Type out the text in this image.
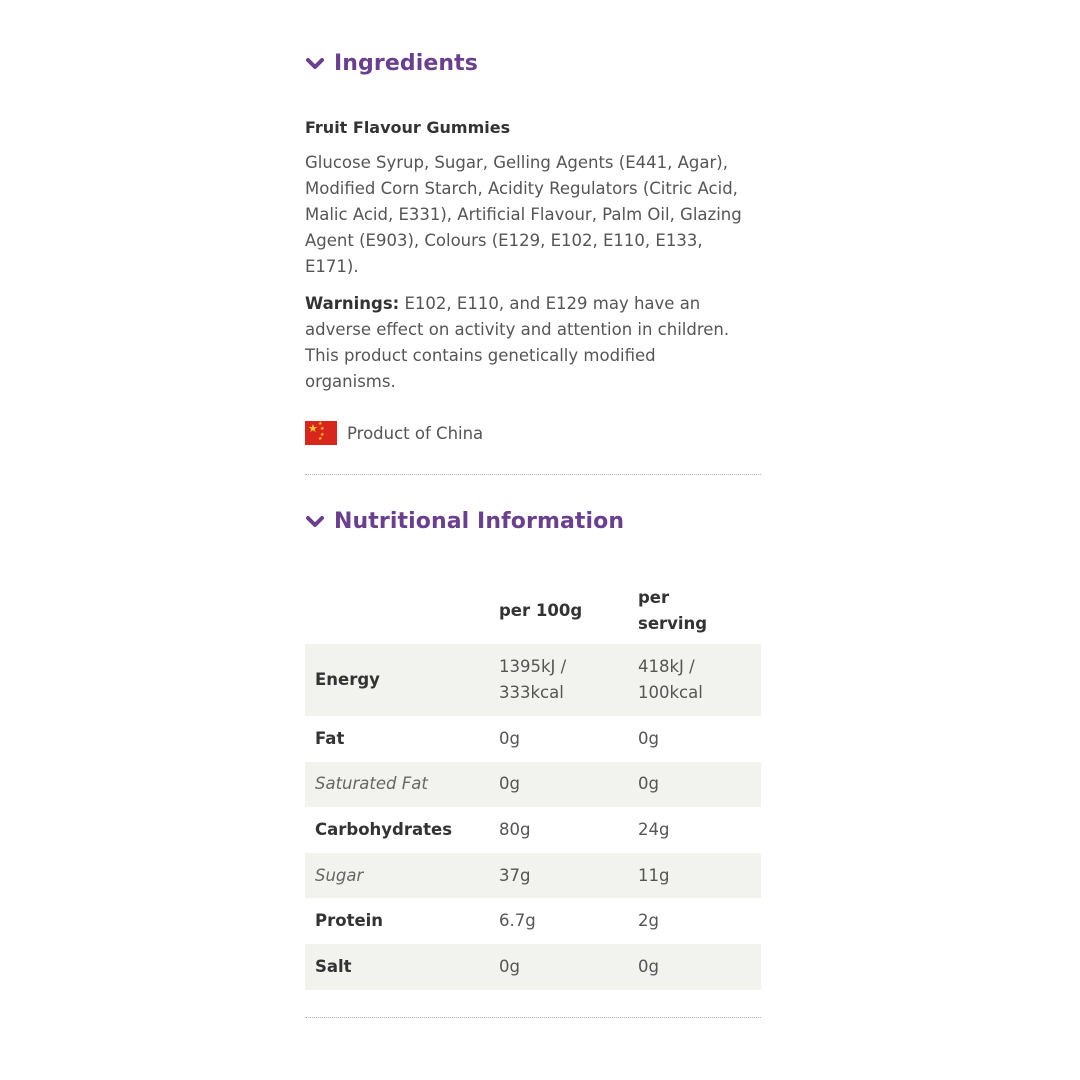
Ingredients
Fruit Flavour Gummies

Glucose Syrup, Sugar, Gelling Agents (E441, Agar), Modified Corn Starch, Acidity Regulators (Citric Acid, Malic Acid, E331), Artificial Flavour, Palm Oil, Glazing Agent (E903), Colours (E129, E102, E110, E133, E171).

Warnings: E102, E110, and E129 may have an adverse effect on activity and attention in children. This product contains genetically modified organisms.

★ ★
★
★
★ Product of China
Nutritional Information
	per 100g	per serving
Energy	1395kJ / 333kcal	418kJ / 100kcal
Fat	0g	0g
Saturated Fat	0g	0g
Carbohydrates	80g	24g
Sugar	37g	11g
Protein	6.7g	2g
Salt	0g	0g
